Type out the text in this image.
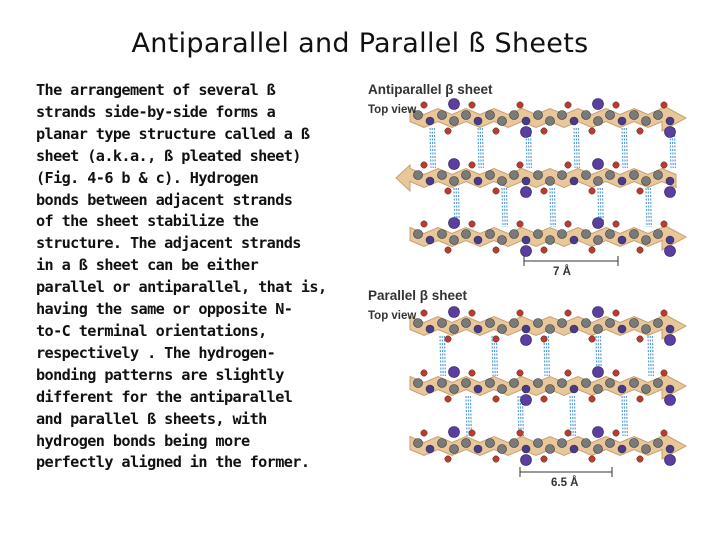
Antiparallel and Parallel ß Sheets
The arrangement of several ß
strands side-by-side forms a
planar type structure called a ß
sheet (a.k.a., ß pleated sheet)
(Fig. 4-6 b & c). Hydrogen
bonds between adjacent strands
of the sheet stabilize the
structure. The adjacent strands
in a ß sheet can be either
parallel or antiparallel, that is,
having the same or opposite N-
to-C terminal orientations,
respectively . The hydrogen-
bonding patterns are slightly
different for the antiparallel
and parallel ß sheets, with
hydrogen bonds being more
perfectly aligned in the former.
Antiparallel β sheet
Top view
7 Å
Parallel β sheet
Top view
6.5 Å
